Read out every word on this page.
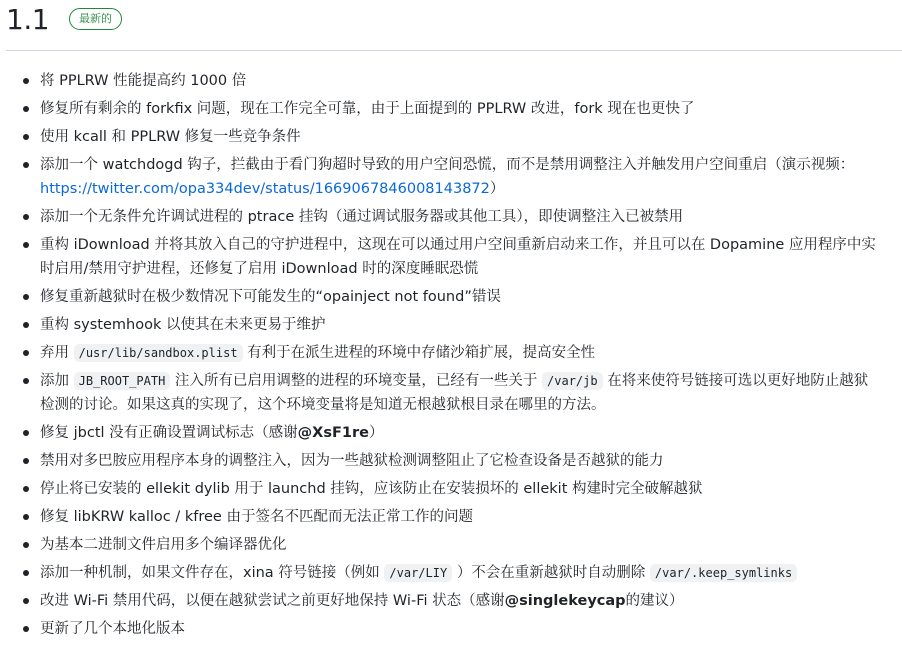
1.1	最新的
将 PPLRW 性能提高约 1000 倍
修复所有剩余的 forkfix 问题，现在工作完全可靠，由于上面提到的 PPLRW 改进，fork 现在也更快了
使用 kcall 和 PPLRW 修复一些竞争条件
添加一个 watchdogd 钩子，拦截由于看门狗超时导致的用户空间恐慌，而不是禁用调整注入并触发用户空间重启（演示视频：https://twitter.com/opa334dev/status/1669067846008143872）
添加一个无条件允许调试进程的 ptrace 挂钩（通过调试服务器或其他工具），即使调整注入已被禁用
重构 iDownload 并将其放入自己的守护进程中，这现在可以通过用户空间重新启动来工作，并且可以在 Dopamine 应用程序中实时启用/禁用守护进程，还修复了启用 iDownload 时的深度睡眠恐慌
修复重新越狱时在极少数情况下可能发生的“opainject not found”错误
重构 systemhook 以使其在未来更易于维护
弃用 /usr/lib/sandbox.plist 有利于在派生进程的环境中存储沙箱扩展，提高安全性
添加 JB_ROOT_PATH 注入所有已启用调整的进程的环境变量，已经有一些关于 /var/jb 在将来使符号链接可选以更好地防止越狱检测的讨论。如果这真的实现了，这个环境变量将是知道无根越狱根目录在哪里的方法。
修复 jbctl 没有正确设置调试标志（感谢@XsF1re）
禁用对多巴胺应用程序本身的调整注入，因为一些越狱检测调整阻止了它检查设备是否越狱的能力
停止将已安装的 ellekit dylib 用于 launchd 挂钩，应该防止在安装损坏的 ellekit 构建时完全破解越狱
修复 libKRW kalloc / kfree 由于签名不匹配而无法正常工作的问题
为基本二进制文件启用多个编译器优化
添加一种机制，如果文件存在，xina 符号链接（例如 /var/LIY ）不会在重新越狱时自动删除 /var/.keep_symlinks
改进 Wi-Fi 禁用代码，以便在越狱尝试之前更好地保持 Wi-Fi 状态（感谢@singlekeycap的建议）
更新了几个本地化版本
